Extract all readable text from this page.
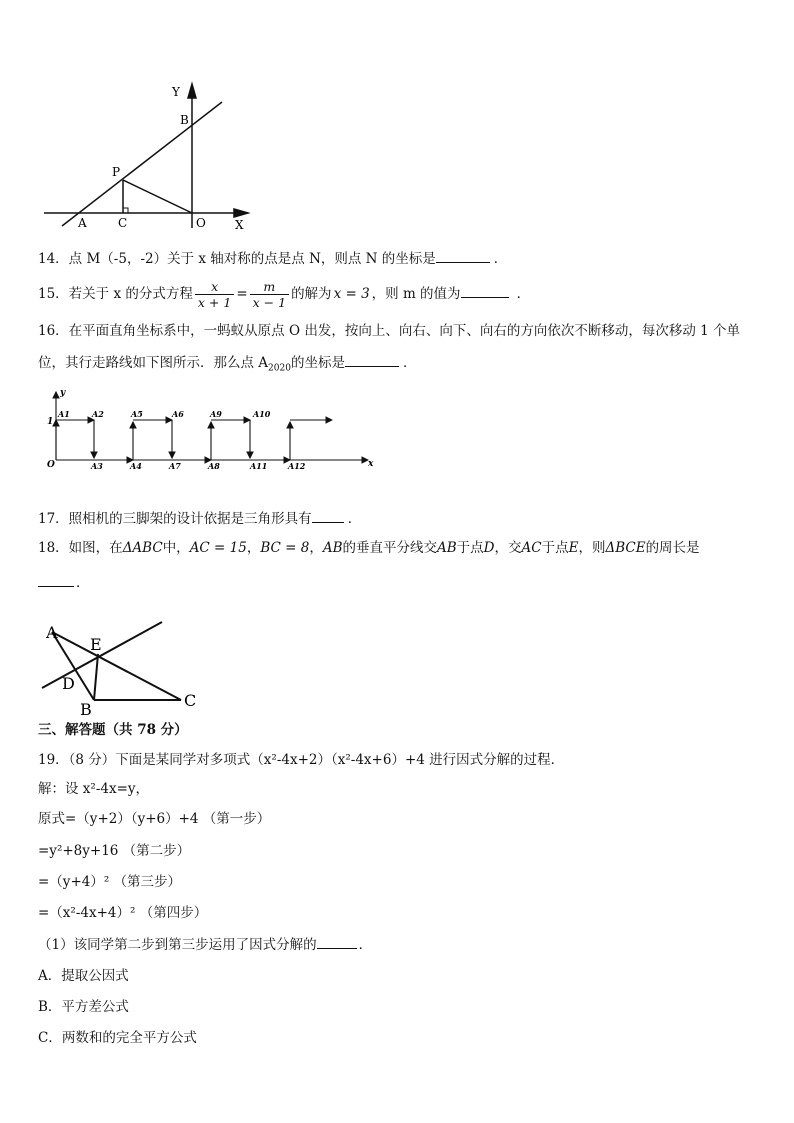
Y
B
P
A	C	O X
14．点 M（-5，-2）关于 x 轴对称的点是点 N，则点 N 的坐标是	．
15．若关于 x 的分式方程 $\frac{x}{x + 1} = \frac{m}{x - 1}$ 的解为 x = 3 ，则 m 的值为	．
16．在平面直角坐标系中，一蚂蚁从原点 O 出发，按向上、向右、向下、向右的方向依次不断移动，每次移动 1 个单
位，其行走路线如下图所示．那么点 $A_{2020}$的坐标是	．
y
x
O
1
A1	A2	A5	A6	A9	A10
A3	A4	A7	A8	A11	A12
17．照相机的三脚架的设计依据是三角形具有	．
18．如图，在ΔABC中，AC = 15，BC = 8，AB的垂直平分线交AB于点D，交AC于点E，则ΔBCE的周长是
．
A
E
D
B	C
三、解答题（共 78 分）
19．（8 分）下面是某同学对多项式（x²-4x+2）（x²-4x+6）+4 进行因式分解的过程．
解：设 x²-4x=y，
原式=（y+2）（y+6）+4 （第一步）
=y²+8y+16 （第二步）
=（y+4）² （第三步）
=（x²-4x+4）² （第四步）
（1）该同学第二步到第三步运用了因式分解的	．
A．提取公因式
B．平方差公式
C．两数和的完全平方公式
